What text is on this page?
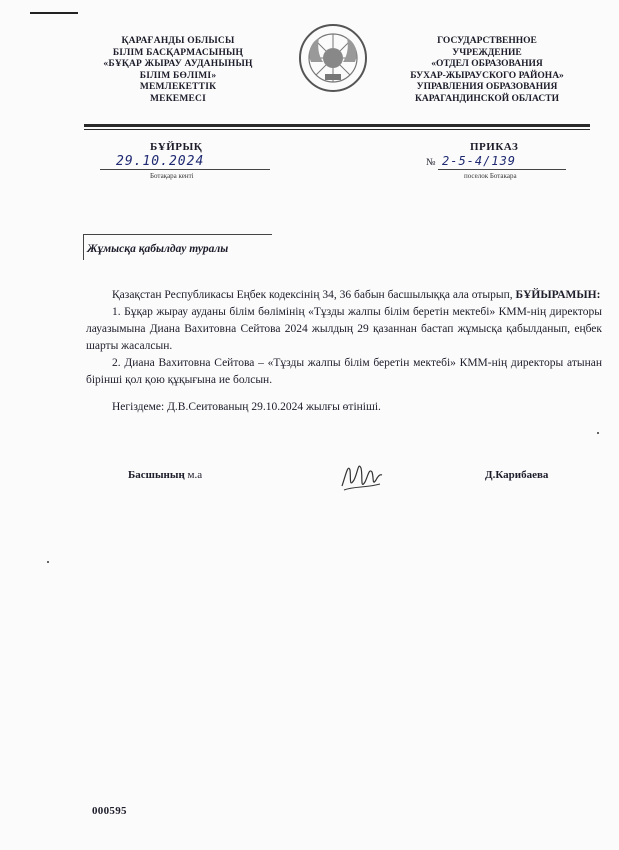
ҚАРАҒАНДЫ ОБЛЫСЫ
БІЛІМ БАСҚАРМАСЫНЫҢ
«БҰҚАР ЖЫРАУ АУДАНЫНЫҢ
БІЛІМ БӨЛІМІ»
МЕМЛЕКЕТТІК
МЕКЕМЕСІ
ГОСУДАРСТВЕННОЕ
УЧРЕЖДЕНИЕ
«ОТДЕЛ ОБРАЗОВАНИЯ
БУХАР-ЖЫРАУСКОГО РАЙОНА»
УПРАВЛЕНИЯ ОБРАЗОВАНИЯ
КАРАГАНДИНСКОЙ ОБЛАСТИ
БҰЙРЫҚ	ПРИКАЗ
29.10.2024
Ботақара кенті
№ 2-5-4/139
поселок Ботакара
Жұмысқа қабылдау туралы

Қазақстан Республикасы Еңбек кодексінің 34, 36 бабын басшылыққа ала отырып, БҰЙЫРАМЫН:

1. Бұқар жырау ауданы білім бөлімінің «Тұзды жалпы білім беретін мектебі» КММ-нің директоры лауазымына Диана Вахитовна Сейтова 2024 жылдың 29 қазаннан бастап жұмысқа қабылданып, еңбек шарты жасалсын.

2. Диана Вахитовна Сейтова – «Тұзды жалпы білім беретін мектебі» КММ-нің директоры атынан бірінші қол қою құқығына ие болсын.

Негіздеме: Д.В.Сеитованың 29.10.2024 жылғы өтініші.

Басшының м.а	Д.Карибаева
000595
